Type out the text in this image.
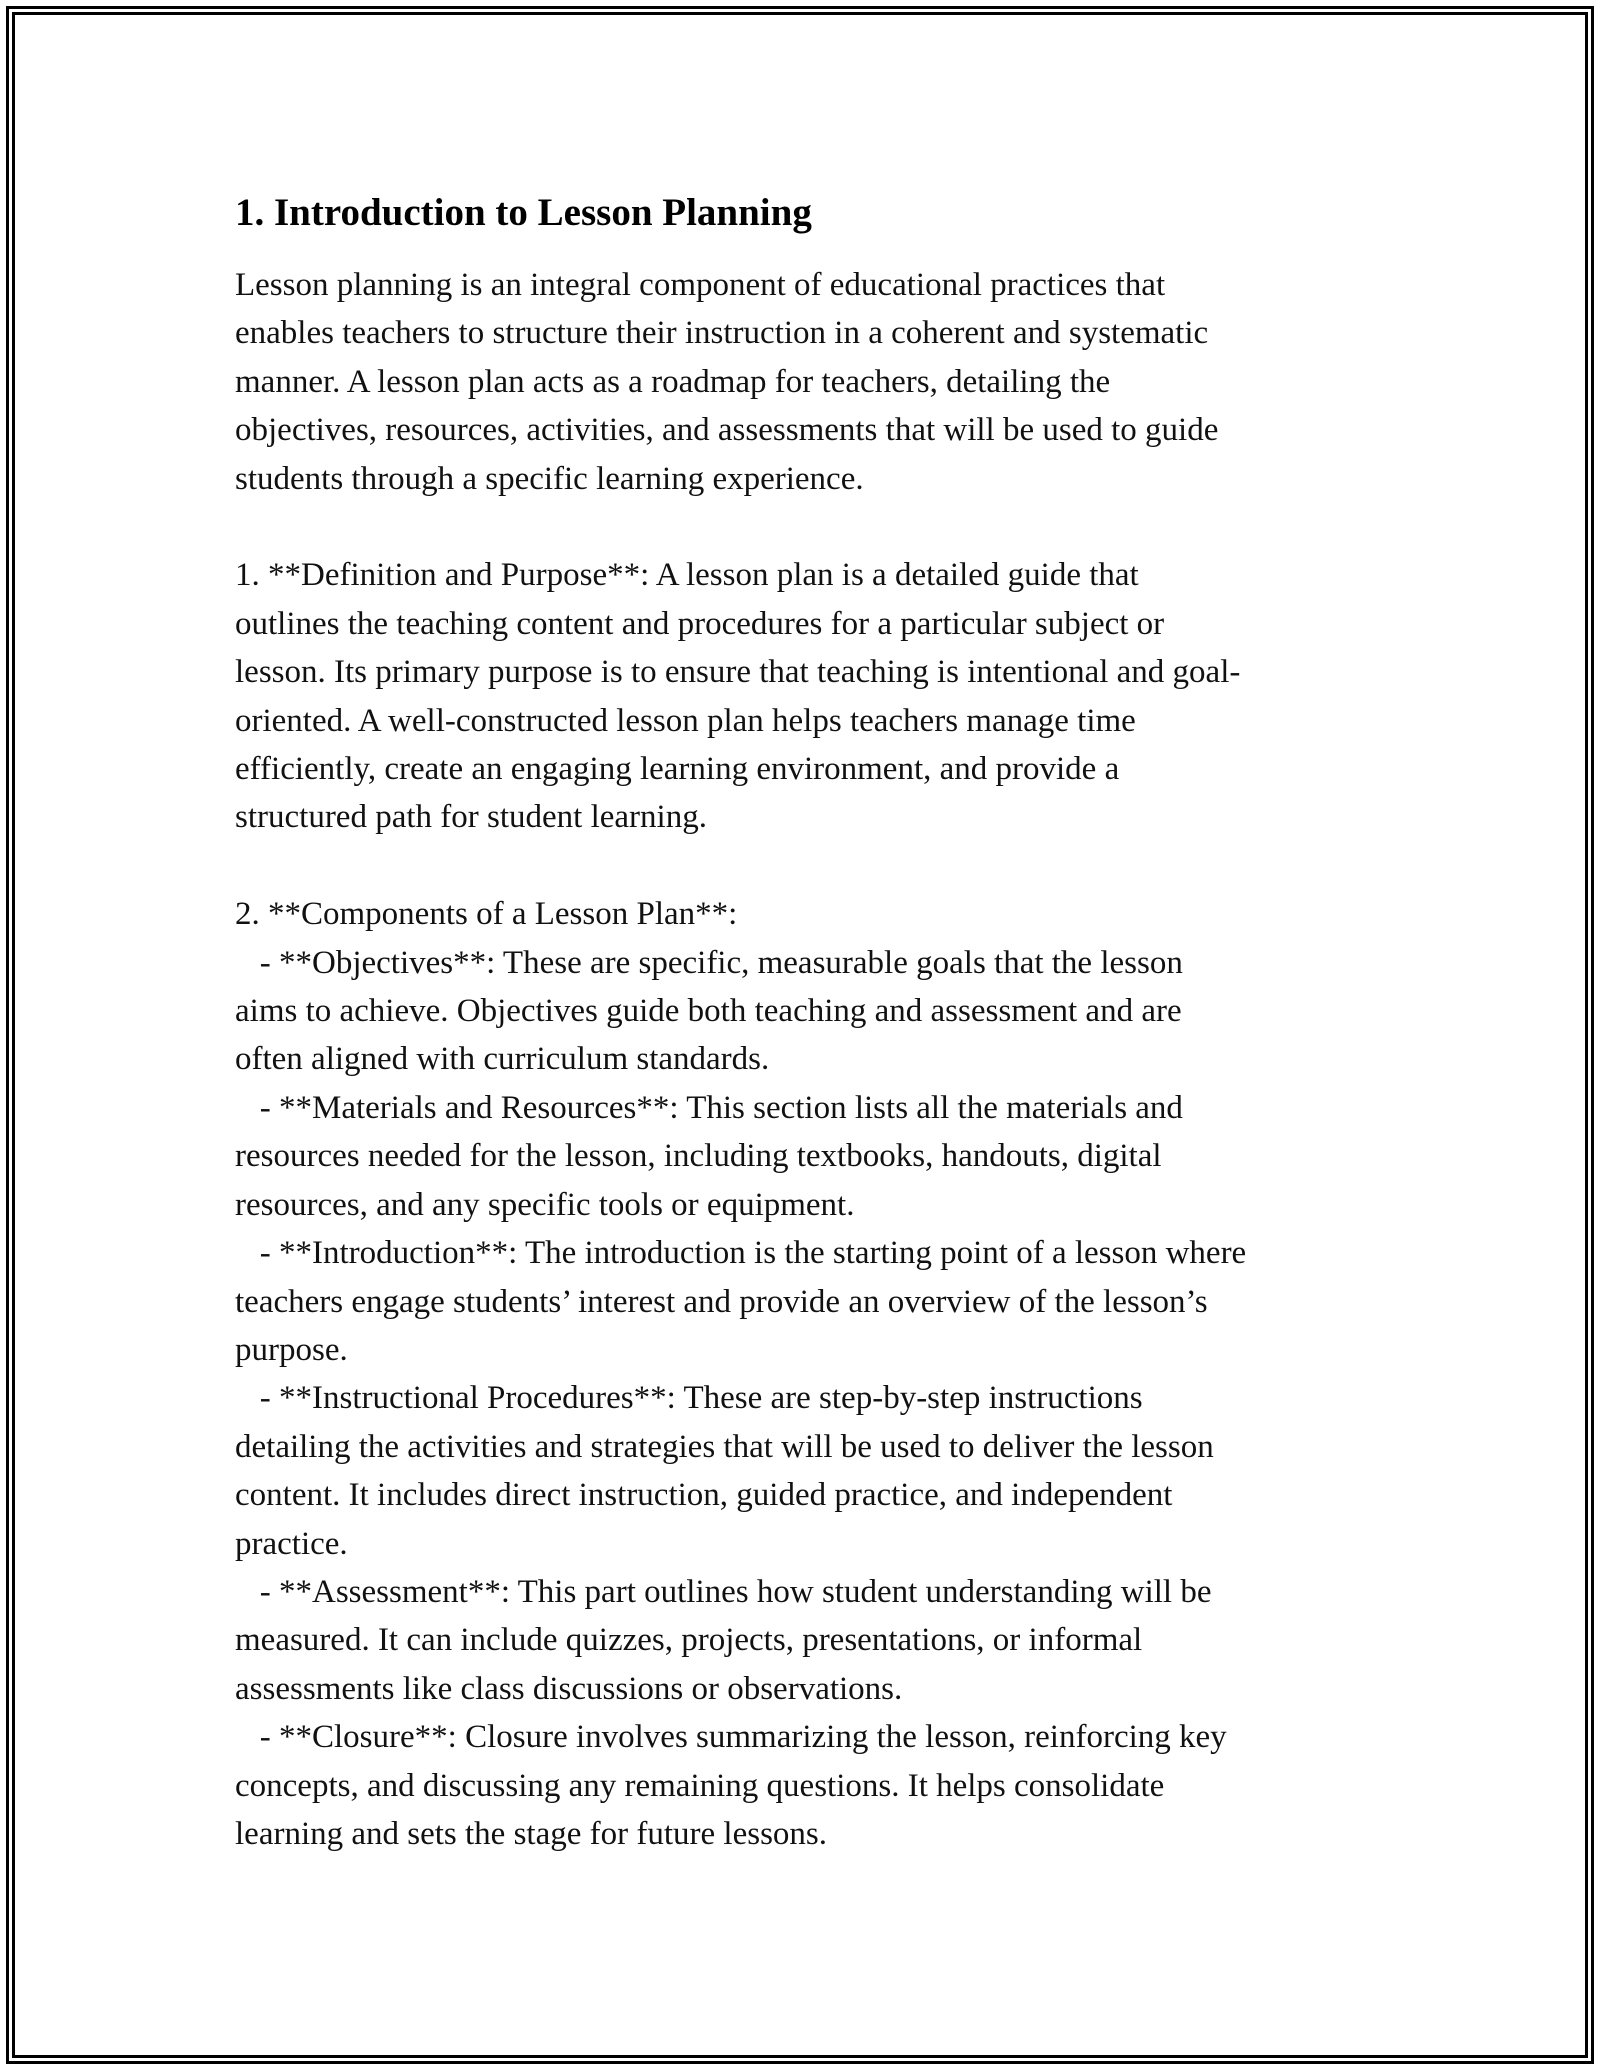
1. Introduction to Lesson Planning

Lesson planning is an integral component of educational practices that
enables teachers to structure their instruction in a coherent and systematic
manner. A lesson plan acts as a roadmap for teachers, detailing the
objectives, resources, activities, and assessments that will be used to guide
students through a specific learning experience.

1. **Definition and Purpose**: A lesson plan is a detailed guide that
outlines the teaching content and procedures for a particular subject or
lesson. Its primary purpose is to ensure that teaching is intentional and goal-
oriented. A well-constructed lesson plan helps teachers manage time
efficiently, create an engaging learning environment, and provide a
structured path for student learning.

2. **Components of a Lesson Plan**:

- **Objectives**: These are specific, measurable goals that the lesson
aims to achieve. Objectives guide both teaching and assessment and are
often aligned with curriculum standards.

- **Materials and Resources**: This section lists all the materials and
resources needed for the lesson, including textbooks, handouts, digital
resources, and any specific tools or equipment.

- **Introduction**: The introduction is the starting point of a lesson where
teachers engage students’ interest and provide an overview of the lesson’s
purpose.

- **Instructional Procedures**: These are step-by-step instructions
detailing the activities and strategies that will be used to deliver the lesson
content. It includes direct instruction, guided practice, and independent
practice.

- **Assessment**: This part outlines how student understanding will be
measured. It can include quizzes, projects, presentations, or informal
assessments like class discussions or observations.

- **Closure**: Closure involves summarizing the lesson, reinforcing key
concepts, and discussing any remaining questions. It helps consolidate
learning and sets the stage for future lessons.
